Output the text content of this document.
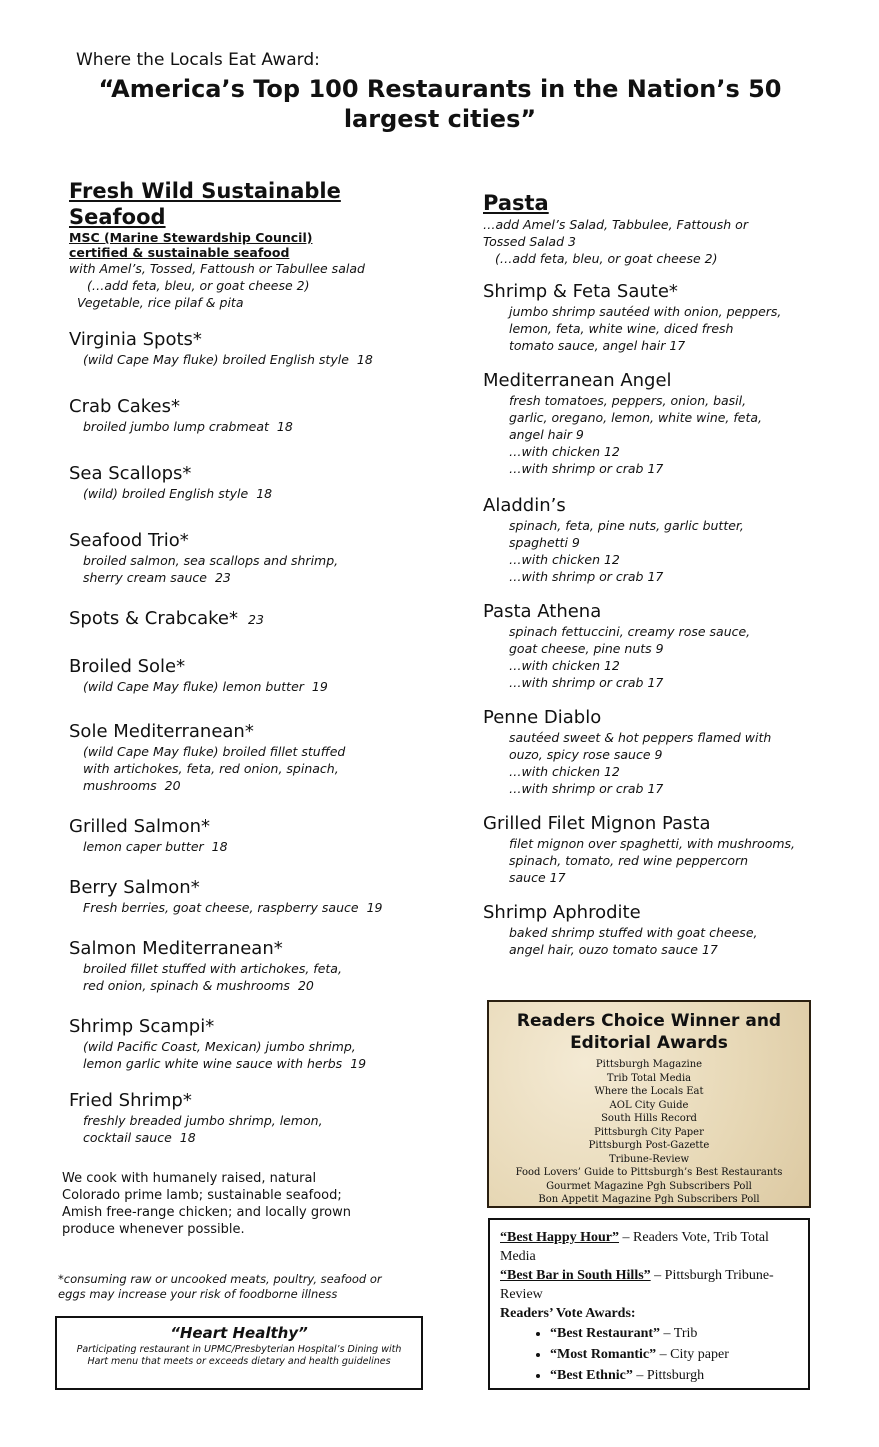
Where the Locals Eat Award:
“America’s Top 100 Restaurants in the Nation’s 50 largest cities”
Fresh Wild Sustainable
Seafood
MSC (Marine Stewardship Council)
certified & sustainable seafood
with Amel’s, Tossed, Fattoush or Tabullee salad
(…add feta, bleu, or goat cheese 2)
Vegetable, rice pilaf & pita
Virginia Spots*
(wild Cape May fluke) broiled English style 18
Crab Cakes*
broiled jumbo lump crabmeat 18
Sea Scallops*
(wild) broiled English style 18
Seafood Trio*
broiled salmon, sea scallops and shrimp,
sherry cream sauce 23
Spots & Crabcake* 23
Broiled Sole*
(wild Cape May fluke) lemon butter 19
Sole Mediterranean*
(wild Cape May fluke) broiled fillet stuffed
with artichokes, feta, red onion, spinach,
mushrooms 20
Grilled Salmon*
lemon caper butter 18
Berry Salmon*
Fresh berries, goat cheese, raspberry sauce 19
Salmon Mediterranean*
broiled fillet stuffed with artichokes, feta,
red onion, spinach & mushrooms 20
Shrimp Scampi*
(wild Pacific Coast, Mexican) jumbo shrimp,
lemon garlic white wine sauce with herbs 19
Fried Shrimp*
freshly breaded jumbo shrimp, lemon,
cocktail sauce 18
Pasta
…add Amel’s Salad, Tabbulee, Fattoush or
Tossed Salad 3
(…add feta, bleu, or goat cheese 2)
Shrimp & Feta Saute*
jumbo shrimp sautéed with onion, peppers,
lemon, feta, white wine, diced fresh
tomato sauce, angel hair 17
Mediterranean Angel
fresh tomatoes, peppers, onion, basil,
garlic, oregano, lemon, white wine, feta,
angel hair 9
…with chicken 12
…with shrimp or crab 17
Aladdin’s
spinach, feta, pine nuts, garlic butter,
spaghetti 9
…with chicken 12
…with shrimp or crab 17
Pasta Athena
spinach fettuccini, creamy rose sauce,
goat cheese, pine nuts 9
…with chicken 12
…with shrimp or crab 17
Penne Diablo
sautéed sweet & hot peppers flamed with
ouzo, spicy rose sauce 9
…with chicken 12
…with shrimp or crab 17
Grilled Filet Mignon Pasta
filet mignon over spaghetti, with mushrooms,
spinach, tomato, red wine peppercorn
sauce 17
Shrimp Aphrodite
baked shrimp stuffed with goat cheese,
angel hair, ouzo tomato sauce 17
We cook with humanely raised, natural Colorado prime lamb; sustainable seafood; Amish free-range chicken; and locally grown produce whenever possible.
*consuming raw or uncooked meats, poultry, seafood or eggs may increase your risk of foodborne illness
“Heart Healthy”
Participating restaurant in UPMC/Presbyterian Hospital’s Dining with Hart menu that meets or exceeds dietary and health guidelines
Readers Choice Winner and Editorial Awards
Pittsburgh Magazine
Trib Total Media
Where the Locals Eat
AOL City Guide
South Hills Record
Pittsburgh City Paper
Pittsburgh Post-Gazette
Tribune-Review
Food Lovers’ Guide to Pittsburgh’s Best Restaurants
Gourmet Magazine Pgh Subscribers Poll
Bon Appetit Magazine Pgh Subscribers Poll
“Best Happy Hour” – Readers Vote, Trib Total Media
“Best Bar in South Hills” – Pittsburgh Tribune-Review
Readers’ Vote Awards:
• “Best Restaurant” – Trib
• “Most Romantic” – City paper
• “Best Ethnic” – Pittsburgh
